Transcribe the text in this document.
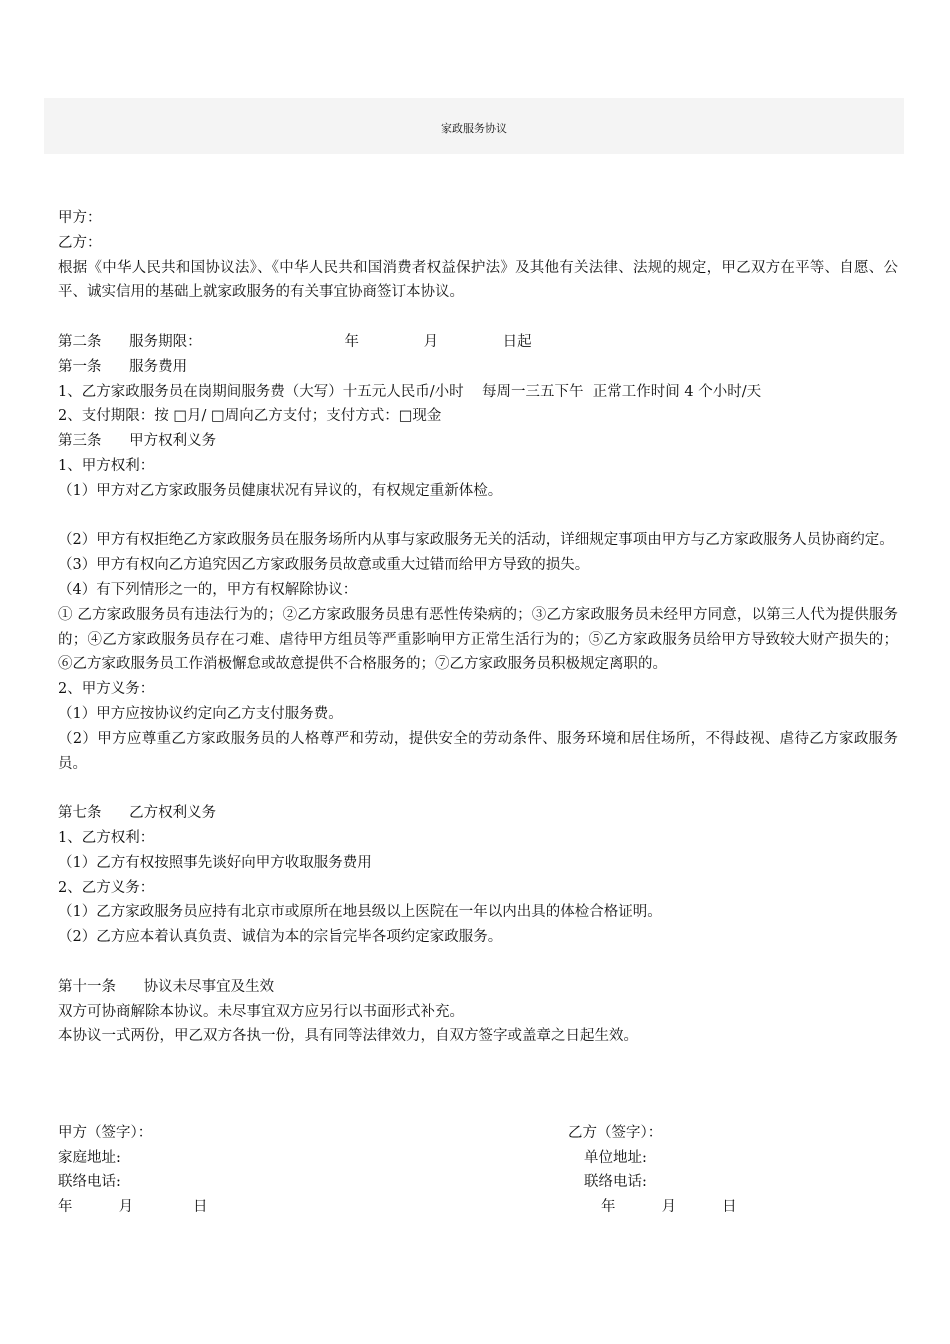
家政服务协议
甲方：
乙方：
根据《中华人民共和国协议法》、《中华人民共和国消费者权益保护法》及其他有关法律、法规的规定，甲乙双方在平等、自愿、公平、诚实信用的基础上就家政服务的有关事宜协商签订本协议。
第二条      服务期限：                               年              月              日起
第一条      服务费用
1、乙方家政服务员在岗期间服务费（大写）十五元人民币/小时    每周一三五下午  正常工作时间 4 个小时/天
2、支付期限：按 □月/ □周向乙方支付；支付方式：□现金
第三条      甲方权利义务
1、甲方权利：
（1）甲方对乙方家政服务员健康状况有异议的，有权规定重新体检。
（2）甲方有权拒绝乙方家政服务员在服务场所内从事与家政服务无关的活动，详细规定事项由甲方与乙方家政服务人员协商约定。
（3）甲方有权向乙方追究因乙方家政服务员故意或重大过错而给甲方导致的损失。
（4）有下列情形之一的，甲方有权解除协议：
① 乙方家政服务员有违法行为的；②乙方家政服务员患有恶性传染病的；③乙方家政服务员未经甲方同意，以第三人代为提供服务的；④乙方家政服务员存在刁难、虐待甲方组员等严重影响甲方正常生活行为的；⑤乙方家政服务员给甲方导致较大财产损失的；⑥乙方家政服务员工作消极懈怠或故意提供不合格服务的；⑦乙方家政服务员积极规定离职的。
2、甲方义务：
（1）甲方应按协议约定向乙方支付服务费。
（2）甲方应尊重乙方家政服务员的人格尊严和劳动，提供安全的劳动条件、服务环境和居住场所，不得歧视、虐待乙方家政服务员。
第七条      乙方权利义务
1、乙方权利：
（1）乙方有权按照事先谈好向甲方收取服务费用
2、乙方义务：
（1）乙方家政服务员应持有北京市或原所在地县级以上医院在一年以内出具的体检合格证明。
（2）乙方应本着认真负责、诚信为本的宗旨完毕各项约定家政服务。
第十一条      协议未尽事宜及生效
双方可协商解除本协议。未尽事宜双方应另行以书面形式补充。
本协议一式两份，甲乙双方各执一份，具有同等法律效力，自双方签字或盖章之日起生效。
甲方（签字）：
家庭地址:
联络电话:
年          月             日
乙方（签字）：
单位地址:
联络电话:
年          月          日
